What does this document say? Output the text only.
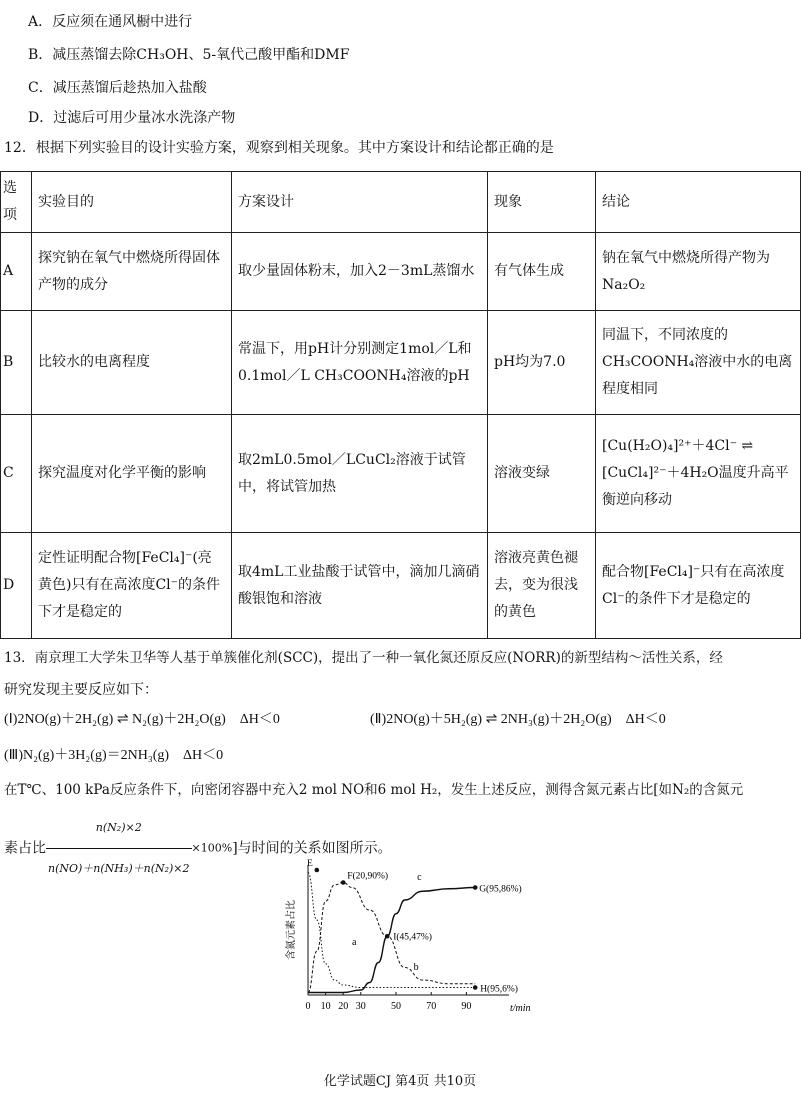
A．反应须在通风橱中进行
B．减压蒸馏去除CH₃OH、5-氧代己酸甲酯和DMF
C．减压蒸馏后趁热加入盐酸
D．过滤后可用少量冰水洗涤产物
12．根据下列实验目的设计实验方案，观察到相关现象。其中方案设计和结论都正确的是
选项	实验目的	方案设计	现象	结论
A	探究钠在氧气中燃烧所得固体产物的成分	取少量固体粉末，加入2－3mL蒸馏水	有气体生成	钠在氧气中燃烧所得产物为Na₂O₂
B	比较水的电离程度	常温下，用pH计分别测定1mol／L和0.1mol／L CH₃COONH₄溶液的pH	pH均为7.0	同温下，不同浓度的CH₃COONH₄溶液中水的电离程度相同
C	探究温度对化学平衡的影响	取2mL0.5mol／LCuCl₂溶液于试管中，将试管加热	溶液变绿	[Cu(H₂O)₄]²⁺＋4Cl⁻ ⇌ [CuCl₄]²⁻＋4H₂O温度升高平衡逆向移动
D	定性证明配合物[FeCl₄]⁻(亮黄色)只有在高浓度Cl⁻的条件下才是稳定的	取4mL工业盐酸于试管中，滴加几滴硝酸银饱和溶液	溶液亮黄色褪去，变为很浅的黄色	配合物[FeCl₄]⁻只有在高浓度Cl⁻的条件下才是稳定的
13．南京理工大学朱卫华等人基于单簇催化剂(SCC)，提出了一种一氧化氮还原反应(NORR)的新型结构～活性关系，经
研究发现主要反应如下：
(Ⅰ)2NO(g)＋2H₂(g) ⇌ N₂(g)＋2H₂O(g)　ΔH＜0	(Ⅱ)2NO(g)＋5H₂(g) ⇌ 2NH₃(g)＋2H₂O(g)　ΔH＜0
(Ⅲ)N₂(g)＋3H₂(g)＝2NH₃(g)　ΔH＜0
在T℃、100 kPa反应条件下，向密闭容器中充入2 mol NO和6 mol H₂，发生上述反应，测得含氮元素占比[如N₂的含氮元
素占比 $\frac{\text{n(N₂)×2}}{\text{n(NO)＋n(NH₃)＋n(N₂)×2}} \times 100\%$]与时间的关系如图所示。
含氮元素占比
t/min
0 10 20 30	50	70	90
a
b
c
E
F(20,90%)
I(45,47%)
G(95,86%)
H(95,6%)
化学试题CJ 第4页 共10页
